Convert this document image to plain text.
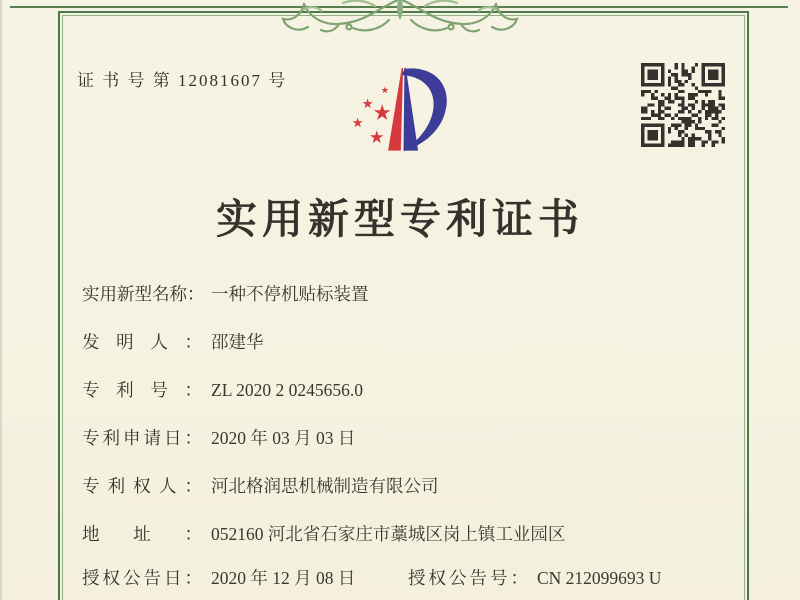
证 书 号 第 12081607 号
实用新型专利证书
实用新型名称： 一种不停机贴标装置
发明人： 邵建华
专利号： ZL 2020 2 0245656.0
专利申请日： 2020 年 03 月 03 日
专利权人： 河北格润思机械制造有限公司
地址： 052160 河北省石家庄市藁城区岗上镇工业园区
授权公告日： 2020 年 12 月 08 日	授权公告号： CN 212099693 U
